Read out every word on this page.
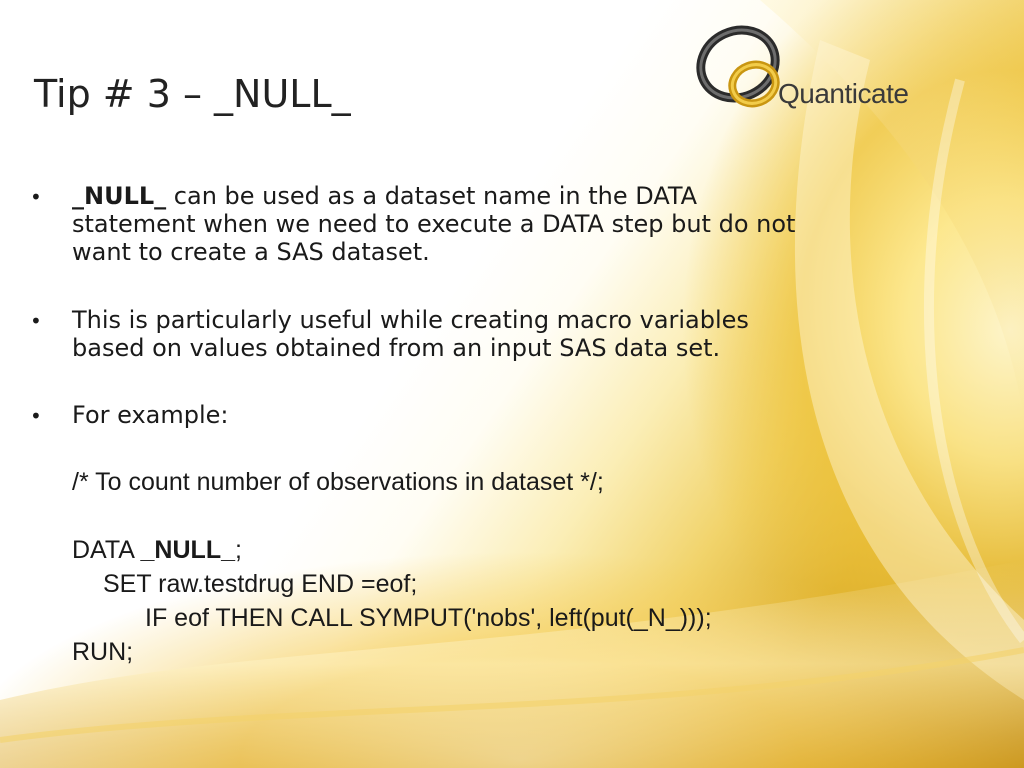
Quanticate
Tip # 3 – _NULL_
• _NULL_ can be used as a dataset name in the DATA
statement when we need to execute a DATA step but do not
want to create a SAS dataset.
• This is particularly useful while creating macro variables
based on values obtained from an input SAS data set.
• For example:
/* To count number of observations in dataset */;
DATA _NULL_;
SET raw.testdrug END =eof;
IF eof THEN CALL SYMPUT('nobs', left(put(_N_)));
RUN;
